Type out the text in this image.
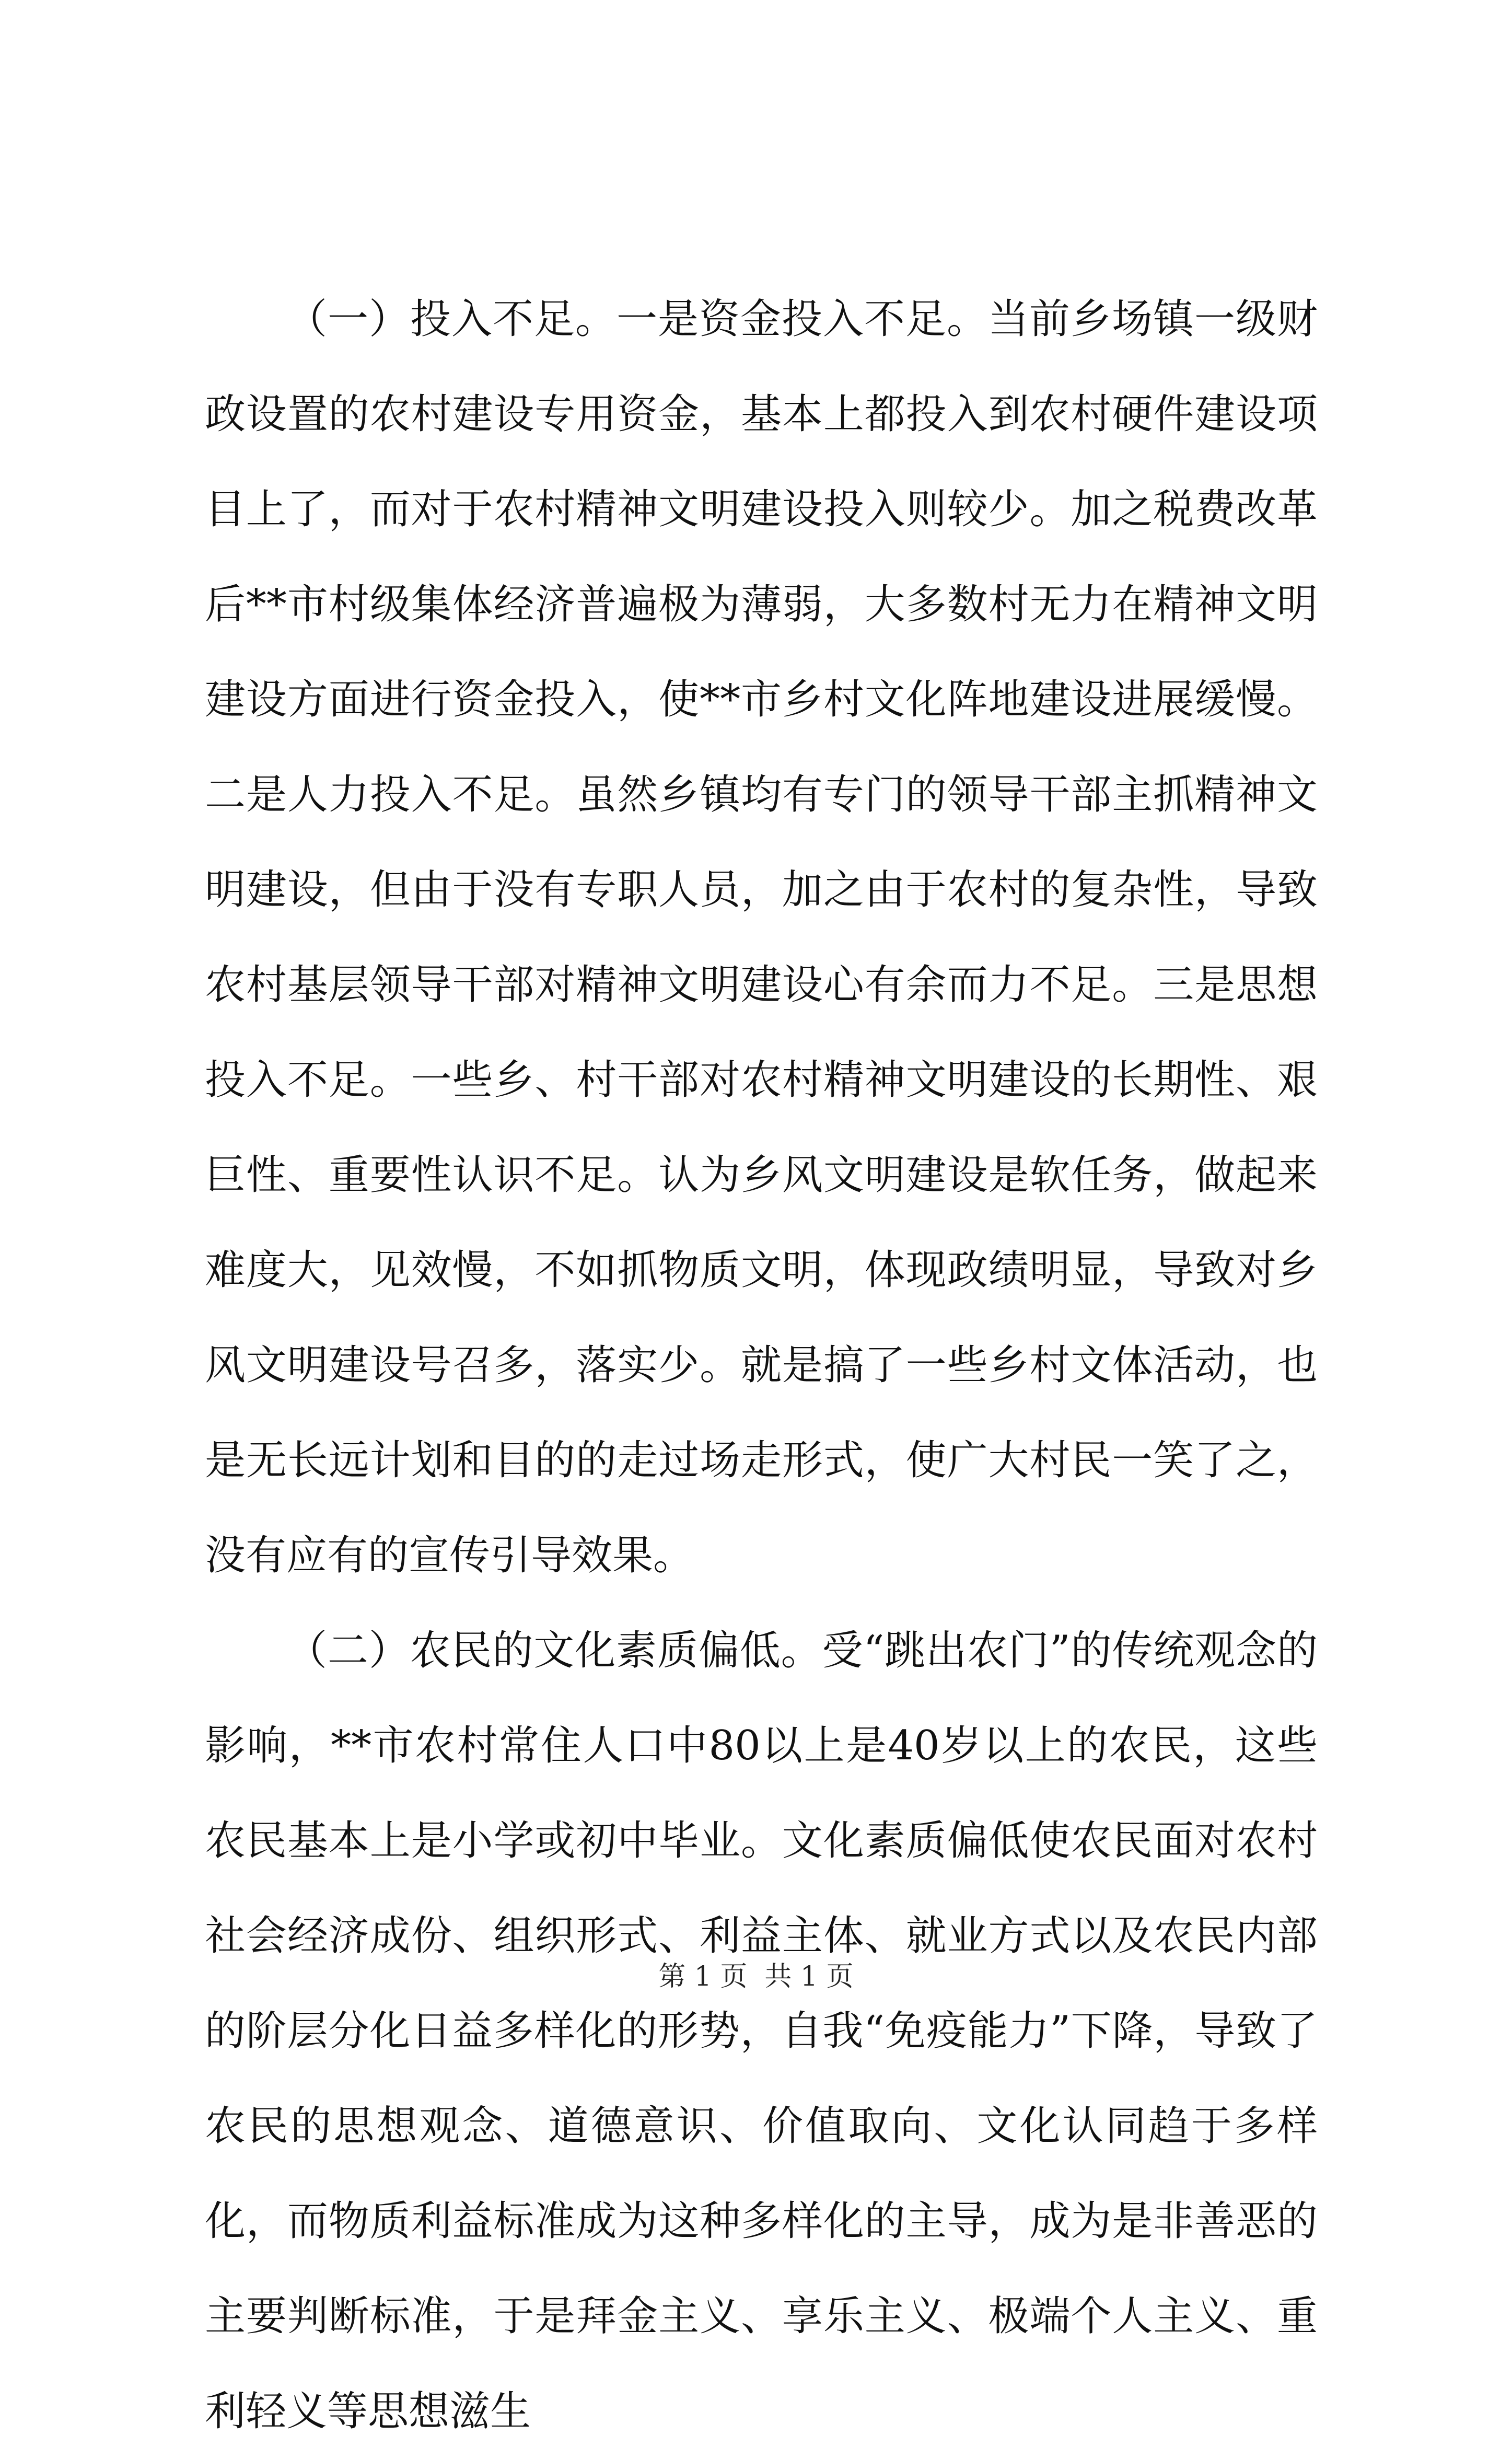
（一）投入不足。一是资金投入不足。当前乡场镇一级财政设置的农村建设专用资金，基本上都投入到农村硬件建设项目上了，而对于农村精神文明建设投入则较少。加之税费改革后**市村级集体经济普遍极为薄弱，大多数村无力在精神文明建设方面进行资金投入，使**市乡村文化阵地建设进展缓慢。二是人力投入不足。虽然乡镇均有专门的领导干部主抓精神文明建设，但由于没有专职人员，加之由于农村的复杂性，导致农村基层领导干部对精神文明建设心有余而力不足。三是思想投入不足。一些乡、村干部对农村精神文明建设的长期性、艰巨性、重要性认识不足。认为乡风文明建设是软任务，做起来难度大，见效慢，不如抓物质文明，体现政绩明显，导致对乡风文明建设号召多，落实少。就是搞了一些乡村文体活动，也是无长远计划和目的的走过场走形式，使广大村民一笑了之，没有应有的宣传引导效果。

（二）农民的文化素质偏低。受“跳出农门”的传统观念的影响，**市农村常住人口中80以上是40岁以上的农民，这些农民基本上是小学或初中毕业。文化素质偏低使农民面对农村社会经济成份、组织形式、利益主体、就业方式以及农民内部的阶层分化日益多样化的形势，自我“免疫能力”下降，导致了农民的思想观念、道德意识、价值取向、文化认同趋于多样化，而物质利益标准成为这种多样化的主导，成为是非善恶的主要判断标准，于是拜金主义、享乐主义、极端个人主义、重利轻义等思想滋生

第 1 页  共 1 页
